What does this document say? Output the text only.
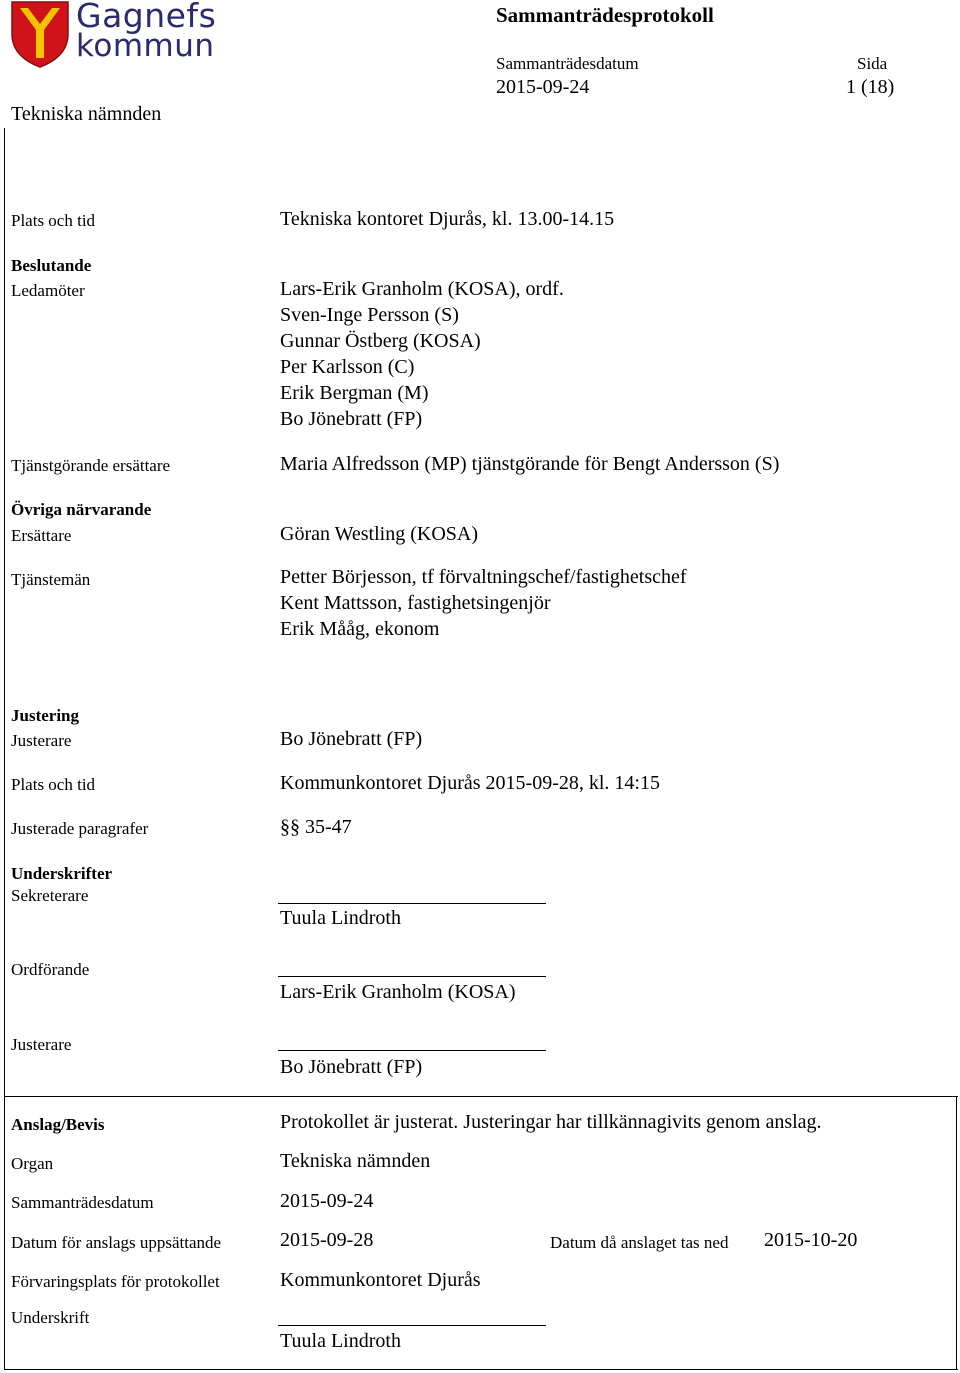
Gagnefs
kommun
Sammanträdesprotokoll
Sammanträdesdatum	Sida
2015-09-24	1 (18)
Tekniska nämnden
Plats och tid	Tekniska kontoret Djurås, kl. 13.00-14.15
Beslutande
Ledamöter	Lars-Erik Granholm (KOSA), ordf.
Sven-Inge Persson (S)
Gunnar Östberg (KOSA)
Per Karlsson (C)
Erik Bergman (M)
Bo Jönebratt (FP)
Tjänstgörande ersättare	Maria Alfredsson (MP) tjänstgörande för Bengt Andersson (S)
Övriga närvarande
Ersättare	Göran Westling (KOSA)
Tjänstemän	Petter Börjesson, tf förvaltningschef/fastighetschef
Kent Mattsson, fastighetsingenjör
Erik Mååg, ekonom
Justering
Justerare	Bo Jönebratt (FP)
Plats och tid	Kommunkontoret Djurås 2015-09-28, kl. 14:15
Justerade paragrafer	§§ 35-47
Underskrifter
Sekreterare
Tuula Lindroth
Ordförande
Lars-Erik Granholm (KOSA)
Justerare
Bo Jönebratt (FP)
Anslag/Bevis	Protokollet är justerat. Justeringar har tillkännagivits genom anslag.
Organ	Tekniska nämnden
Sammanträdesdatum	2015-09-24
Datum för anslags uppsättande	2015-09-28	Datum då anslaget tas ned 2015-10-20
Förvaringsplats för protokollet	Kommunkontoret Djurås
Underskrift
Tuula Lindroth
